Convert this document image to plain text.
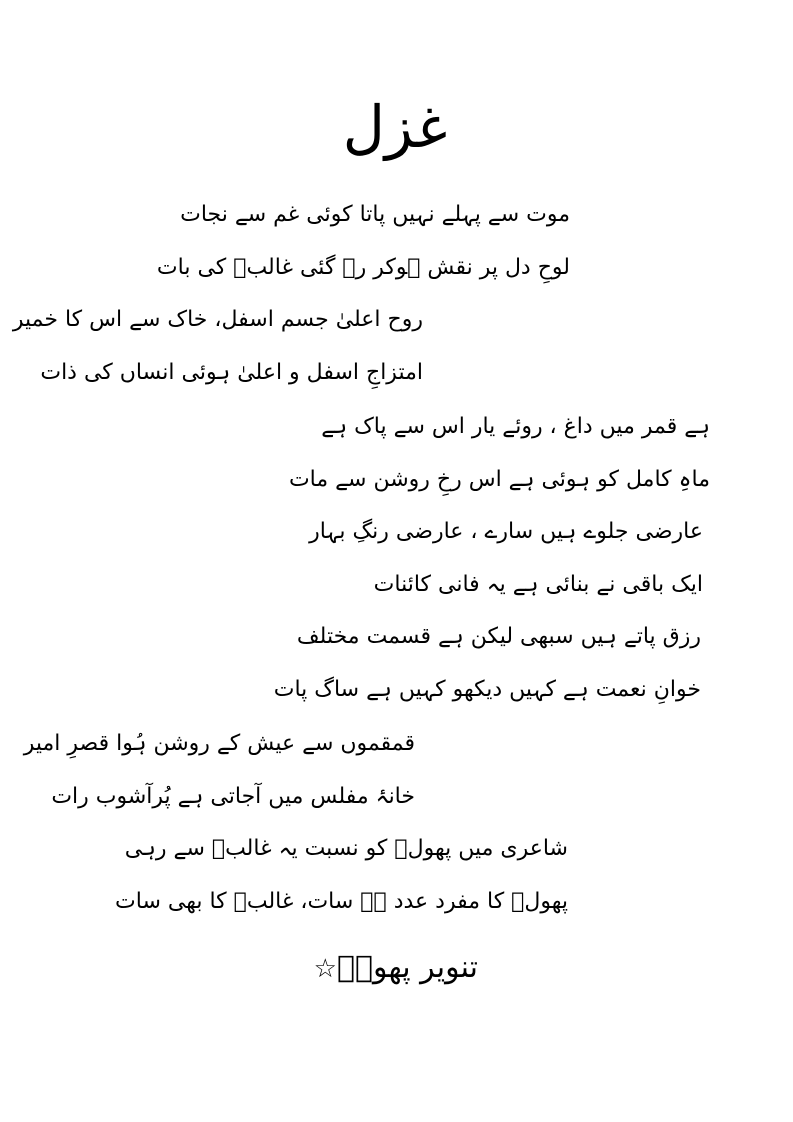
غزل
موت سے پہلے نہیں پاتا کوئی غم سے نجات
لوحِ دل پر نقش ہوکر رہ گئی غالبؔ کی بات
روح اعلیٰ جسم اسفل، خاک سے اس کا خمیر
امتزاجِ اسفل و اعلیٰ ہوئی انساں کی ذات
ہے قمر میں داغ ، روئے یار اس سے پاک ہے
ماہِ کامل کو ہوئی ہے اس رخِ روشن سے مات
عارضی جلوے ہیں سارے ، عارضی رنگِ بہار
ایک باقی نے بنائی ہے یہ فانی کائنات
رزق پاتے ہیں سبھی لیکن ہے قسمت مختلف
خوانِ نعمت ہے کہیں دیکھو کہیں ہے ساگ پات
قمقموں سے عیش کے روشن ہُوا قصرِ امیر
خانۂ مفلس میں آجاتی ہے پُرآشوب رات
شاعری میں پھولؔ کو نسبت یہ غالبؔ سے رہی
پھولؔ کا مفرد عدد ہے سات، غالبؔ کا بھی سات
تنویر پھولؔ☆
